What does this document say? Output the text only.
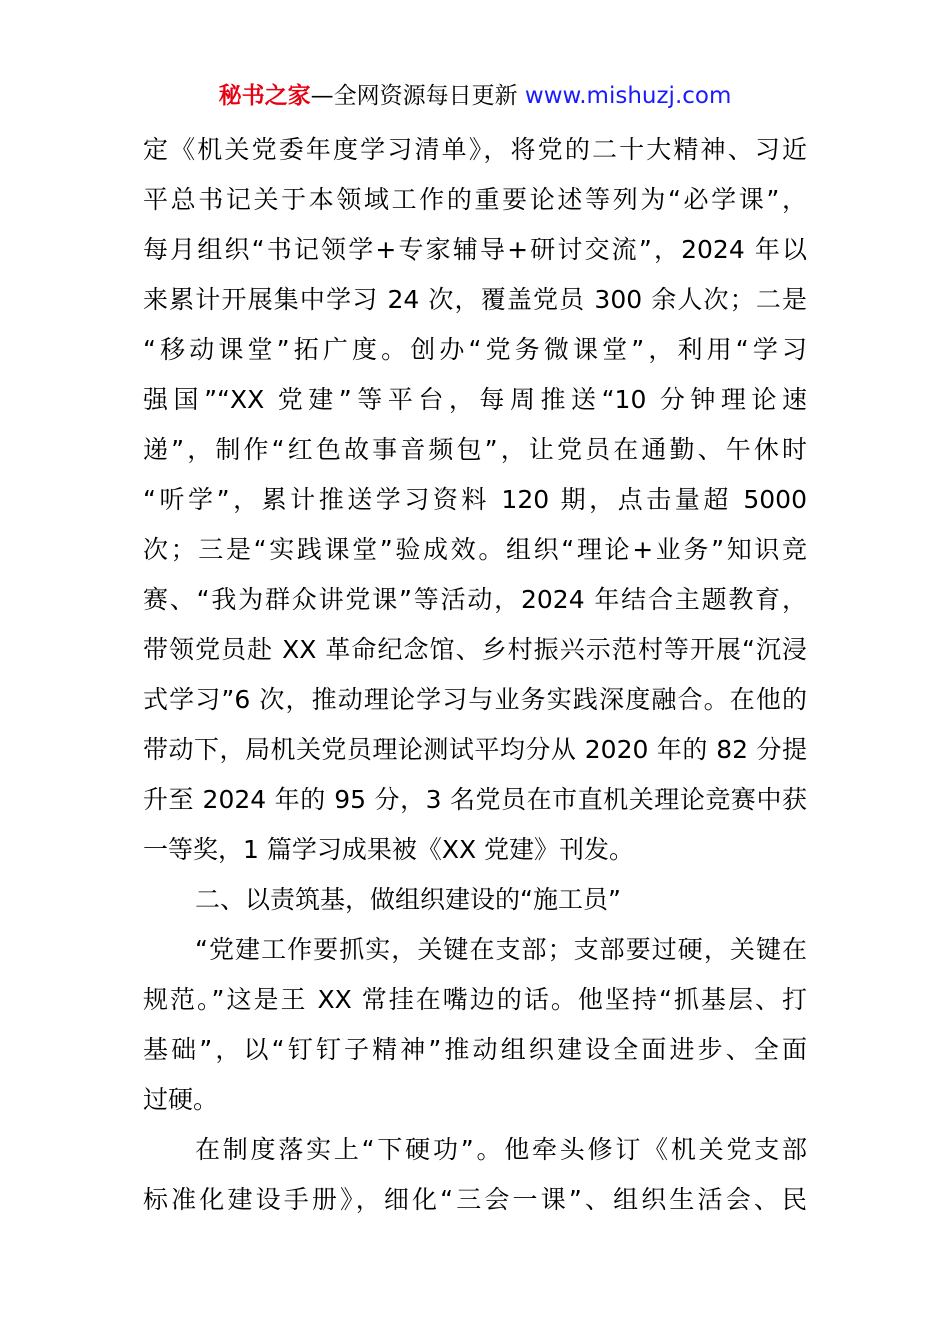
秘书之家—全网资源每日更新 www.mishuzj.com
定《机关党委年度学习清单》，将党的二十大精神、习近
平总书记关于本领域工作的重要论述等列为“必学课”，
每月组织“书记领学+专家辅导+研讨交流”，2024 年以
来累计开展集中学习 24 次，覆盖党员 300 余人次；二是
“移动课堂”拓广度。创办“党务微课堂”，利用“学习
强国”“XX 党建”等平台，每周推送“10 分钟理论速
递”，制作“红色故事音频包”，让党员在通勤、午休时
“听学”，累计推送学习资料 120 期，点击量超 5000
次；三是“实践课堂”验成效。组织“理论+业务”知识竞
赛、“我为群众讲党课”等活动，2024 年结合主题教育，
带领党员赴 XX 革命纪念馆、乡村振兴示范村等开展“沉浸
式学习”6 次，推动理论学习与业务实践深度融合。在他的
带动下，局机关党员理论测试平均分从 2020 年的 82 分提
升至 2024 年的 95 分，3 名党员在市直机关理论竞赛中获
一等奖，1 篇学习成果被《XX 党建》刊发。
二、以责筑基，做组织建设的“施工员”
“党建工作要抓实，关键在支部；支部要过硬，关键在
规范。”这是王 XX 常挂在嘴边的话。他坚持“抓基层、打
基础”，以“钉钉子精神”推动组织建设全面进步、全面
过硬。
在制度落实上“下硬功”。他牵头修订《机关党支部
标准化建设手册》，细化“三会一课”、组织生活会、民
